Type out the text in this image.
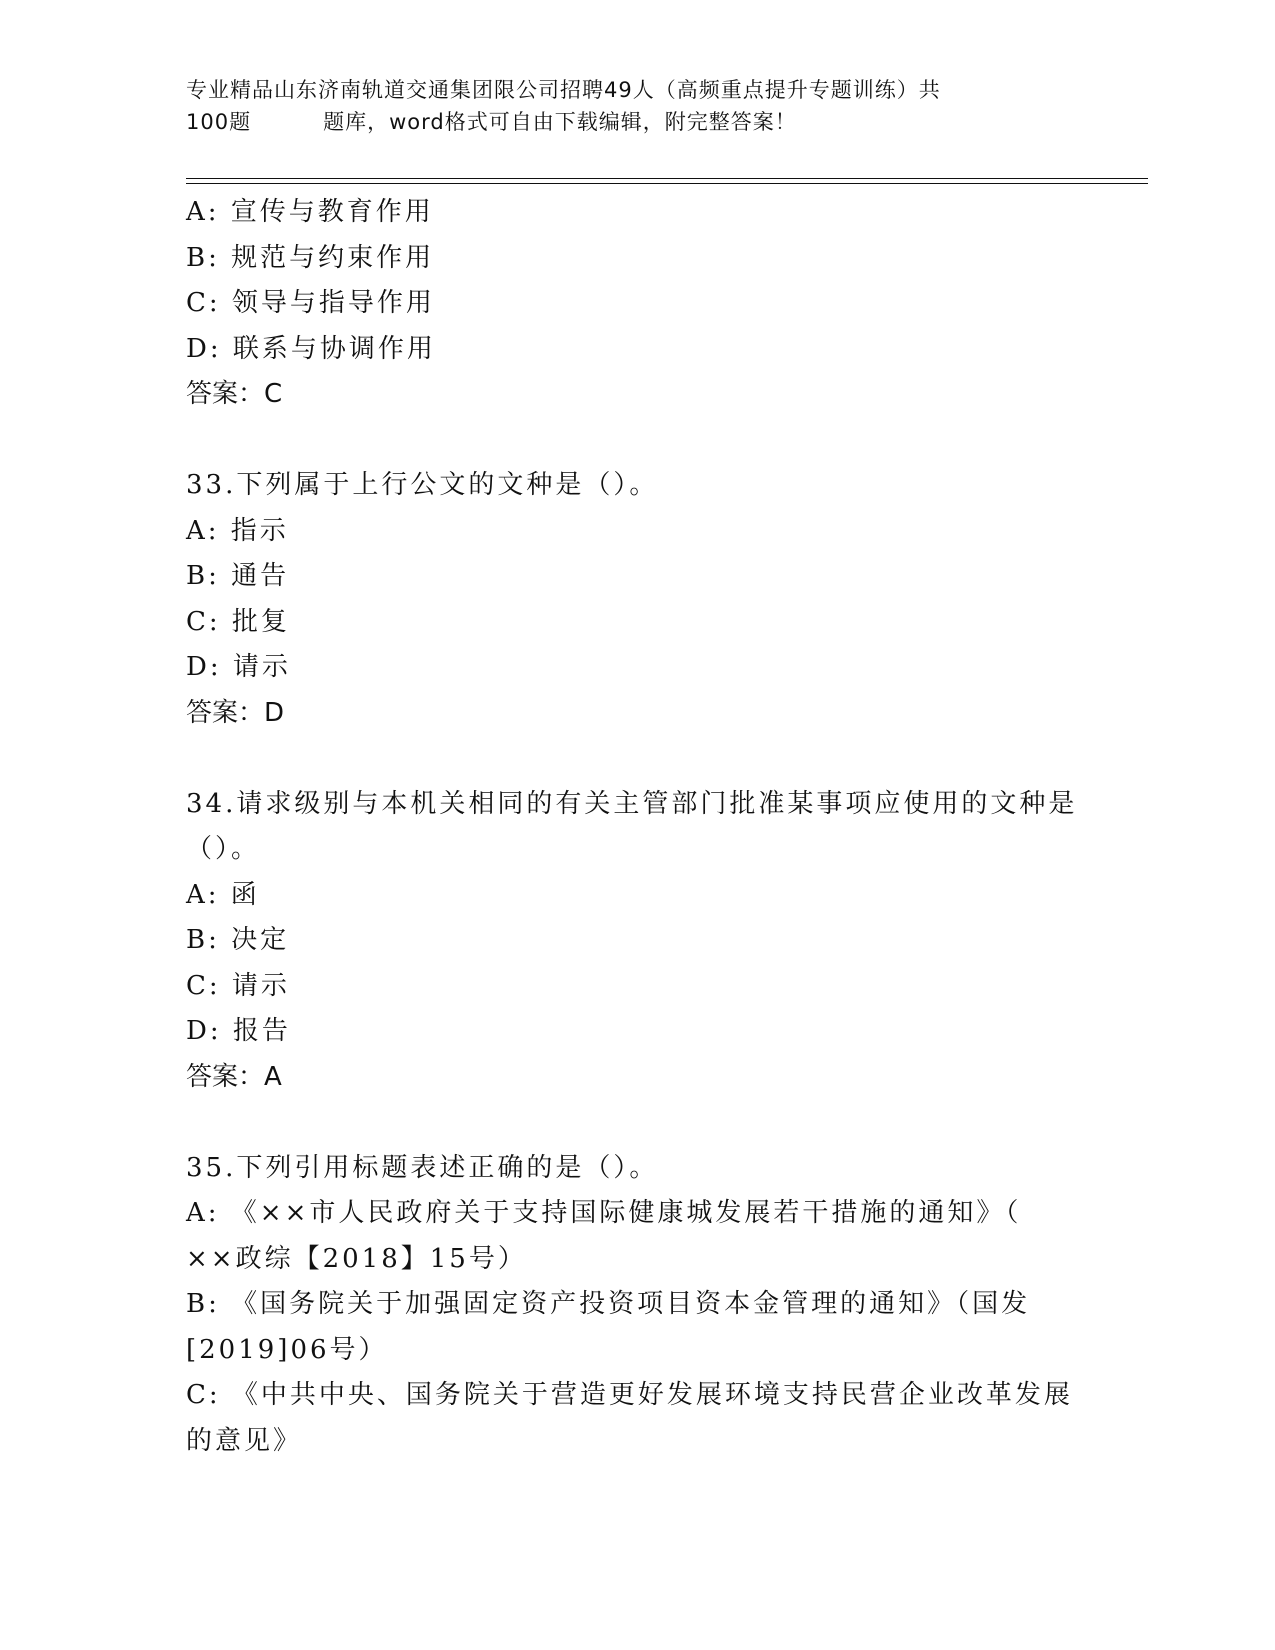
专业精品山东济南轨道交通集团限公司招聘49人（高频重点提升专题训练）共
100题	题库，word格式可自由下载编辑，附完整答案！
A: 宣传与教育作用
B: 规范与约束作用
C: 领导与指导作用
D: 联系与协调作用
答案：C
33.下列属于上行公文的文种是（）。
A: 指示
B: 通告
C: 批复
D: 请示
答案：D
34.请求级别与本机关相同的有关主管部门批准某事项应使用的文种是
（）。
A: 函
B: 决定
C: 请示
D: 报告
答案：A
35.下列引用标题表述正确的是（）。
A: 《××市人民政府关于支持国际健康城发展若干措施的通知》（
××政综【2018】15号）
B: 《国务院关于加强固定资产投资项目资本金管理的通知》（国发
[2019]06号）
C: 《中共中央、国务院关于营造更好发展环境支持民营企业改革发展
的意见》
